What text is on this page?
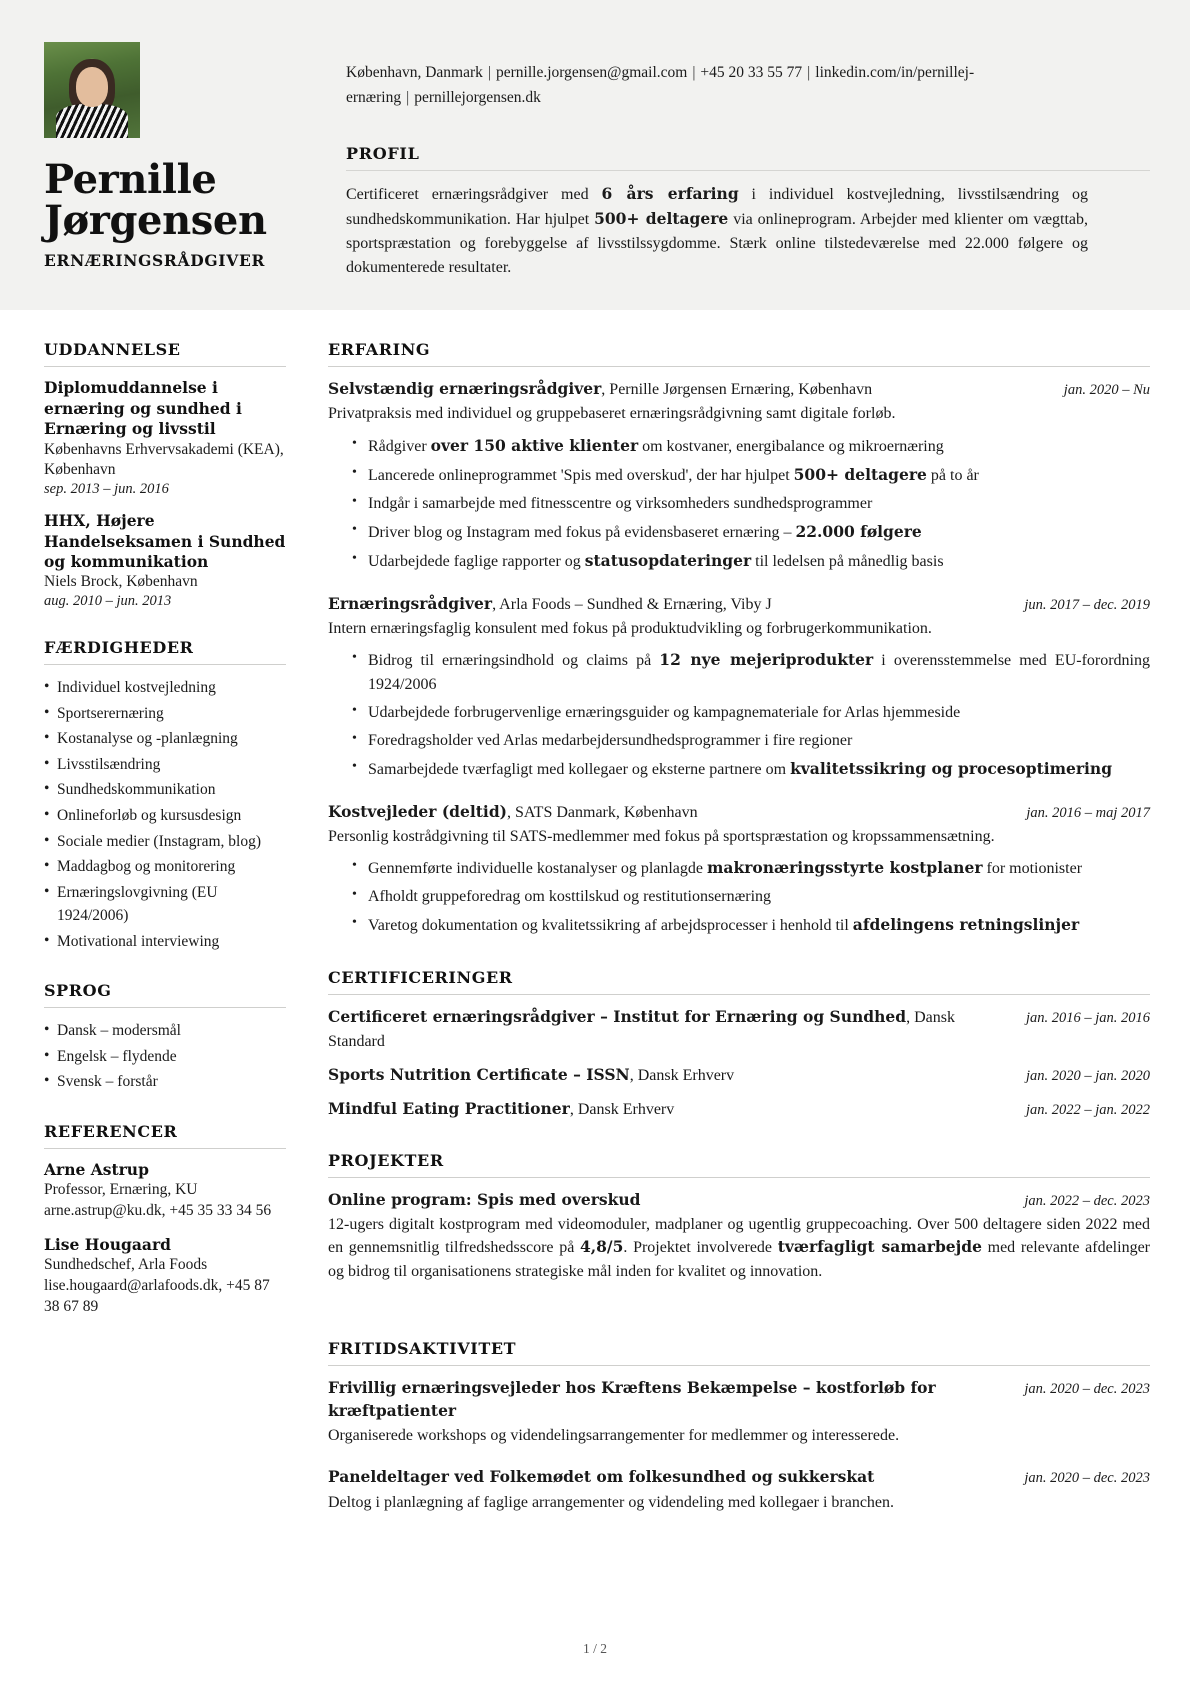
Pernille
Jørgensen
ERNÆRINGSRÅDGIVER
København, Danmark | pernille.jorgensen@gmail.com | +45 20 33 55 77 | linkedin.com/in/pernillej-ernæring | pernillejorgensen.dk
PROFIL
Certificeret ernæringsrådgiver med 6 års erfaring i individuel kostvejledning, livsstilsændring og sundhedskommunikation. Har hjulpet 500+ deltagere via onlineprogram. Arbejder med klienter om vægttab, sportspræstation og forebyggelse af livsstilssygdomme. Stærk online tilstedeværelse med 22.000 følgere og dokumenterede resultater.
UDDANNELSE
Diplomuddannelse i ernæring og sundhed i Ernæring og livsstil
Københavns Erhvervsakademi (KEA), København
sep. 2013 – jun. 2016
HHX, Højere Handelseksamen i Sundhed og kommunikation
Niels Brock, København
aug. 2010 – jun. 2013
FÆRDIGHEDER
• Individuel kostvejledning
• Sportserernæring
• Kostanalyse og -planlægning
• Livsstilsændring
• Sundhedskommunikation
• Onlineforløb og kursusdesign
• Sociale medier (Instagram, blog)
• Maddagbog og monitorering
• Ernæringslovgivning (EU 1924/2006)
• Motivational interviewing
SPROG
• Dansk – modersmål
• Engelsk – flydende
• Svensk – forstår
REFERENCER
Arne Astrup
Professor, Ernæring, KU
arne.astrup@ku.dk, +45 35 33 34 56
Lise Hougaard
Sundhedschef, Arla Foods
lise.hougaard@arlafoods.dk, +45 87 38 67 89
ERFARING
Selvstændig ernæringsrådgiver, Pernille Jørgensen Ernæring, København	jan. 2020 – Nu
Privatpraksis med individuel og gruppebaseret ernæringsrådgivning samt digitale forløb.
• Rådgiver over 150 aktive klienter om kostvaner, energibalance og mikroernæring
• Lancerede onlineprogrammet 'Spis med overskud', der har hjulpet 500+ deltagere på to år
• Indgår i samarbejde med fitnesscentre og virksomheders sundhedsprogrammer
• Driver blog og Instagram med fokus på evidensbaseret ernæring – 22.000 følgere
• Udarbejdede faglige rapporter og statusopdateringer til ledelsen på månedlig basis
Ernæringsrådgiver, Arla Foods – Sundhed & Ernæring, Viby J	jun. 2017 – dec. 2019
Intern ernæringsfaglig konsulent med fokus på produktudvikling og forbrugerkommunikation.
• Bidrog til ernæringsindhold og claims på 12 nye mejeriprodukter i overensstemmelse med EU-forordning 1924/2006
• Udarbejdede forbrugervenlige ernæringsguider og kampagnemateriale for Arlas hjemmeside
• Foredragsholder ved Arlas medarbejdersundhedsprogrammer i fire regioner
• Samarbejdede tværfagligt med kollegaer og eksterne partnere om kvalitetssikring og procesoptimering
Kostvejleder (deltid), SATS Danmark, København	jan. 2016 – maj 2017
Personlig kostrådgivning til SATS-medlemmer med fokus på sportspræstation og kropssammensætning.
• Gennemførte individuelle kostanalyser og planlagde makronæringsstyrte kostplaner for motionister
• Afholdt gruppeforedrag om kosttilskud og restitutionsernæring
• Varetog dokumentation og kvalitetssikring af arbejdsprocesser i henhold til afdelingens retningslinjer
CERTIFICERINGER
Certificeret ernæringsrådgiver – Institut for Ernæring og Sundhed, Dansk Standard
jan. 2016 – jan. 2016
Sports Nutrition Certificate – ISSN, Dansk Erhverv	jan. 2020 – jan. 2020
Mindful Eating Practitioner, Dansk Erhverv	jan. 2022 – jan. 2022
PROJEKTER
Online program: Spis med overskud	jan. 2022 – dec. 2023
12-ugers digitalt kostprogram med videomoduler, madplaner og ugentlig gruppecoaching. Over 500 deltagere siden 2022 med en gennemsnitlig tilfredshedsscore på 4,8/5. Projektet involverede tværfagligt samarbejde med relevante afdelinger og bidrog til organisationens strategiske mål inden for kvalitet og innovation.
FRITIDSAKTIVITET
Frivillig ernæringsvejleder hos Kræftens Bekæmpelse – kostforløb for kræftpatienter
jan. 2020 – dec. 2023
Organiserede workshops og videndelingsarrangementer for medlemmer og interesserede.
Paneldeltager ved Folkemødet om folkesundhed og sukkerskat	jan. 2020 – dec. 2023
Deltog i planlægning af faglige arrangementer og videndeling med kollegaer i branchen.
1 / 2
